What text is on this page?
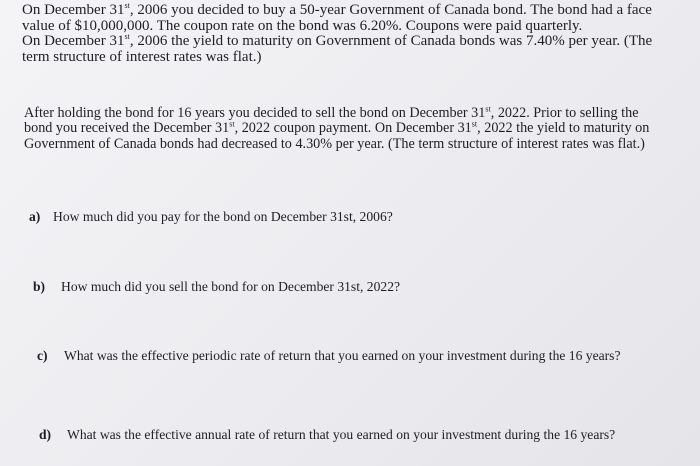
On December 31st, 2006 you decided to buy a 50-year Government of Canada bond. The bond had a face value of $10,000,000. The coupon rate on the bond was 6.20%. Coupons were paid quarterly.
On December 31st, 2006 the yield to maturity on Government of Canada bonds was 7.40% per year. (The term structure of interest rates was flat.)

After holding the bond for 16 years you decided to sell the bond on December 31st, 2022. Prior to selling the bond you received the December 31st, 2022 coupon payment. On December 31st, 2022 the yield to maturity on Government of Canada bonds had decreased to 4.30% per year. (The term structure of interest rates was flat.)

a) How much did you pay for the bond on December 31st, 2006?
b) How much did you sell the bond for on December 31st, 2022?
c) What was the effective periodic rate of return that you earned on your investment during the 16 years?
d) What was the effective annual rate of return that you earned on your investment during the 16 years?
